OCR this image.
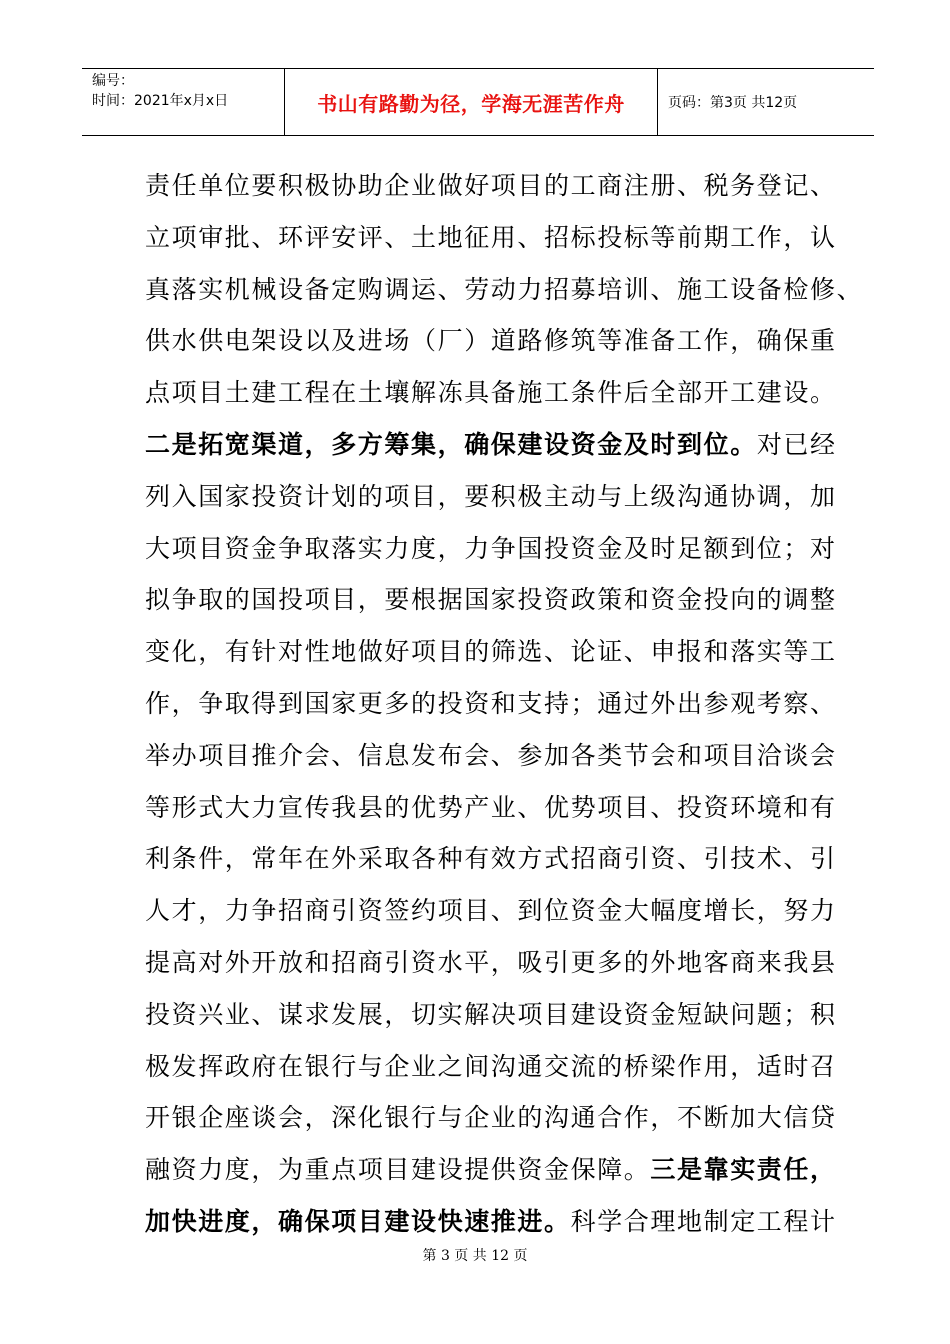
编号：
时间：2021年x月x日	书山有路勤为径，学海无涯苦作舟	页码：第3页 共12页
责任单位要积极协助企业做好项目的工商注册、税务登记、
立项审批、环评安评、土地征用、招标投标等前期工作，认
真落实机械设备定购调运、劳动力招募培训、施工设备检修、
供水供电架设以及进场（厂）道路修筑等准备工作，确保重
点项目土建工程在土壤解冻具备施工条件后全部开工建设。
二是拓宽渠道，多方筹集，确保建设资金及时到位。对已经
列入国家投资计划的项目，要积极主动与上级沟通协调，加
大项目资金争取落实力度，力争国投资金及时足额到位；对
拟争取的国投项目，要根据国家投资政策和资金投向的调整
变化，有针对性地做好项目的筛选、论证、申报和落实等工
作，争取得到国家更多的投资和支持；通过外出参观考察、
举办项目推介会、信息发布会、参加各类节会和项目洽谈会
等形式大力宣传我县的优势产业、优势项目、投资环境和有
利条件，常年在外采取各种有效方式招商引资、引技术、引
人才，力争招商引资签约项目、到位资金大幅度增长，努力
提高对外开放和招商引资水平，吸引更多的外地客商来我县
投资兴业、谋求发展，切实解决项目建设资金短缺问题；积
极发挥政府在银行与企业之间沟通交流的桥梁作用，适时召
开银企座谈会，深化银行与企业的沟通合作，不断加大信贷
融资力度，为重点项目建设提供资金保障。三是靠实责任，
加快进度，确保项目建设快速推进。科学合理地制定工程计
第 3 页 共 12 页
